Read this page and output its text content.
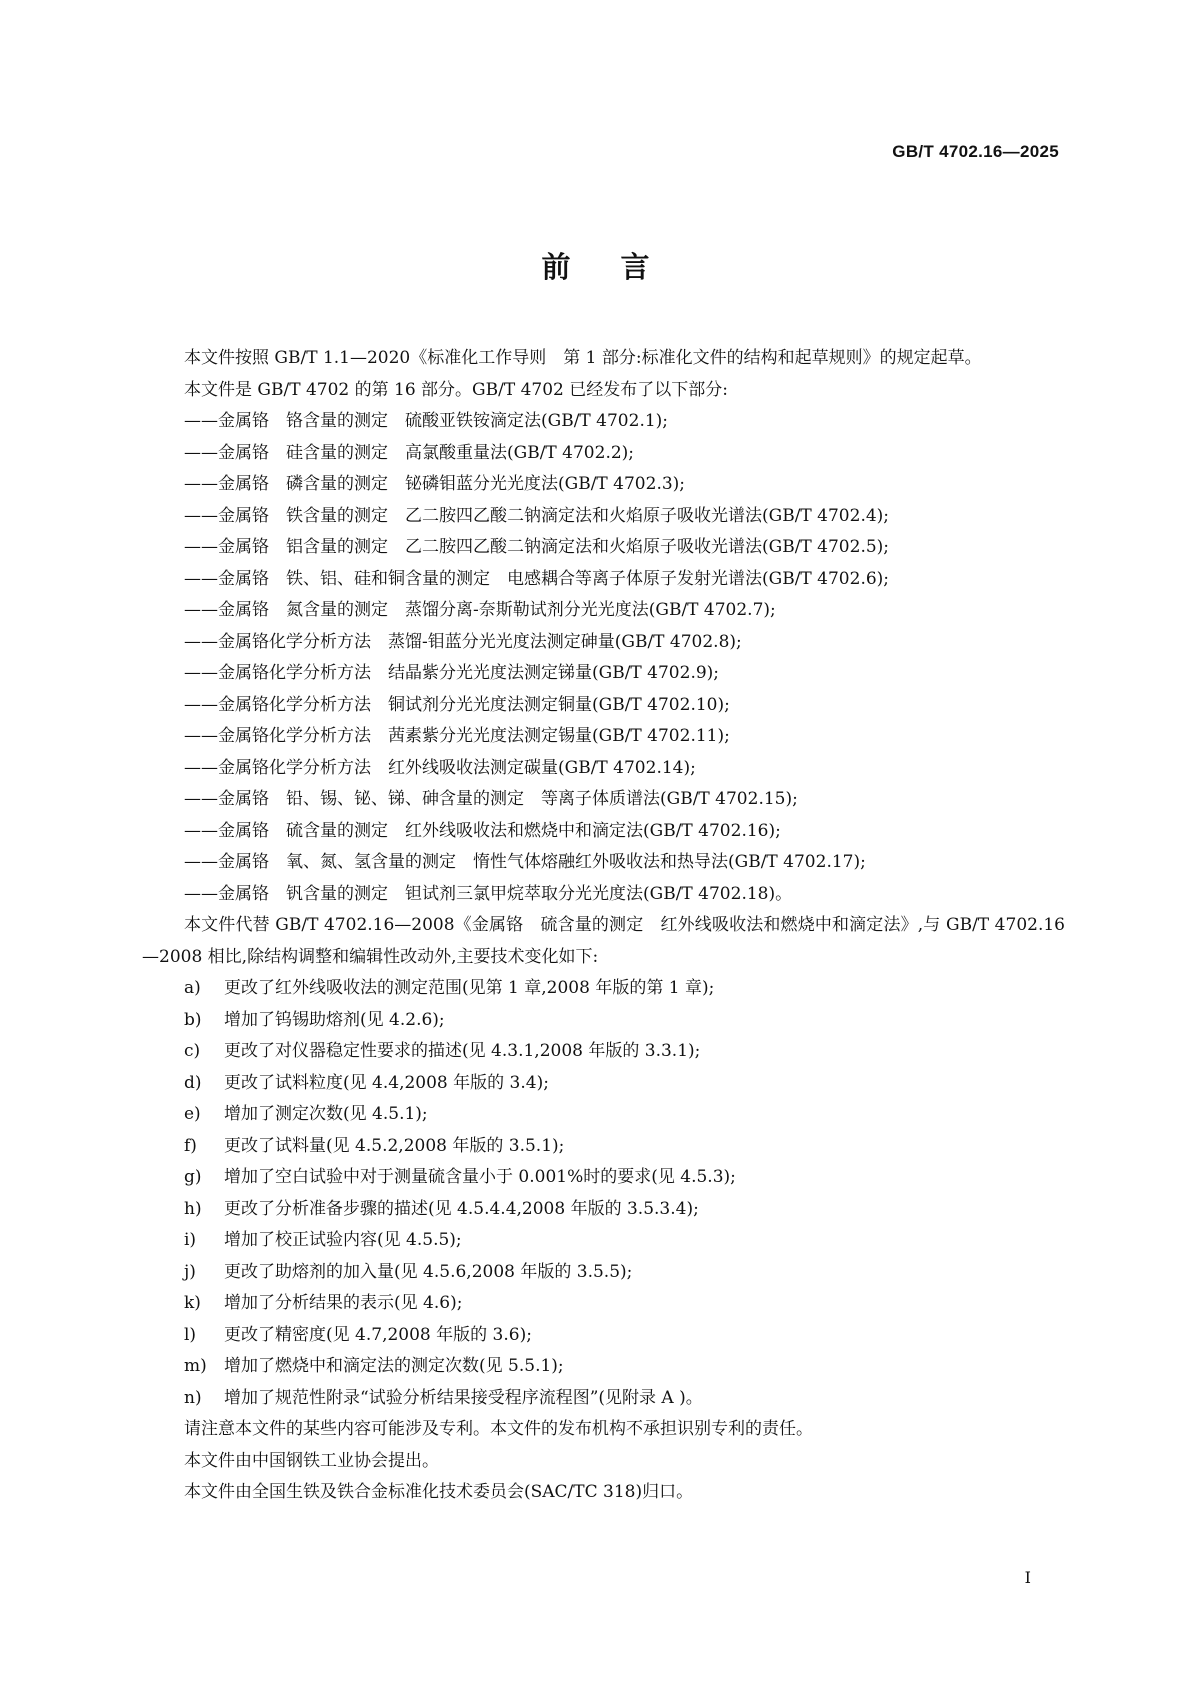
GB/T 4702.16—2025
前言

本文件按照 GB/T 1.1—2020《标准化工作导则　第 1 部分:标准化文件的结构和起草规则》的规定起草。

本文件是 GB/T 4702 的第 16 部分。GB/T 4702 已经发布了以下部分:

——金属铬　铬含量的测定　硫酸亚铁铵滴定法(GB/T 4702.1);

——金属铬　硅含量的测定　高氯酸重量法(GB/T 4702.2);

——金属铬　磷含量的测定　铋磷钼蓝分光光度法(GB/T 4702.3);

——金属铬　铁含量的测定　乙二胺四乙酸二钠滴定法和火焰原子吸收光谱法(GB/T 4702.4);

——金属铬　铝含量的测定　乙二胺四乙酸二钠滴定法和火焰原子吸收光谱法(GB/T 4702.5);

——金属铬　铁、铝、硅和铜含量的测定　电感耦合等离子体原子发射光谱法(GB/T 4702.6);

——金属铬　氮含量的测定　蒸馏分离-奈斯勒试剂分光光度法(GB/T 4702.7);

——金属铬化学分析方法　蒸馏-钼蓝分光光度法测定砷量(GB/T 4702.8);

——金属铬化学分析方法　结晶紫分光光度法测定锑量(GB/T 4702.9);

——金属铬化学分析方法　铜试剂分光光度法测定铜量(GB/T 4702.10);

——金属铬化学分析方法　茜素紫分光光度法测定锡量(GB/T 4702.11);

——金属铬化学分析方法　红外线吸收法测定碳量(GB/T 4702.14);

——金属铬　铅、锡、铋、锑、砷含量的测定　等离子体质谱法(GB/T 4702.15);

——金属铬　硫含量的测定　红外线吸收法和燃烧中和滴定法(GB/T 4702.16);

——金属铬　氧、氮、氢含量的测定　惰性气体熔融红外吸收法和热导法(GB/T 4702.17);

——金属铬　钒含量的测定　钽试剂三氯甲烷萃取分光光度法(GB/T 4702.18)。

本文件代替 GB/T 4702.16—2008《金属铬　硫含量的测定　红外线吸收法和燃烧中和滴定法》,与 GB/T 4702.16—2008 相比,除结构调整和编辑性改动外,主要技术变化如下:

a) 更改了红外线吸收法的测定范围(见第 1 章,2008 年版的第 1 章);

b) 增加了钨锡助熔剂(见 4.2.6);

c) 更改了对仪器稳定性要求的描述(见 4.3.1,2008 年版的 3.3.1);

d) 更改了试料粒度(见 4.4,2008 年版的 3.4);

e) 增加了测定次数(见 4.5.1);

f) 更改了试料量(见 4.5.2,2008 年版的 3.5.1);

g) 增加了空白试验中对于测量硫含量小于 0.001%时的要求(见 4.5.3);

h) 更改了分析准备步骤的描述(见 4.5.4.4,2008 年版的 3.5.3.4);

i) 增加了校正试验内容(见 4.5.5);

j) 更改了助熔剂的加入量(见 4.5.6,2008 年版的 3.5.5);

k) 增加了分析结果的表示(见 4.6);

l) 更改了精密度(见 4.7,2008 年版的 3.6);

m) 增加了燃烧中和滴定法的测定次数(见 5.5.1);

n) 增加了规范性附录“试验分析结果接受程序流程图”(见附录 A )。

请注意本文件的某些内容可能涉及专利。本文件的发布机构不承担识别专利的责任。

本文件由中国钢铁工业协会提出。

本文件由全国生铁及铁合金标准化技术委员会(SAC/TC 318)归口。

I
